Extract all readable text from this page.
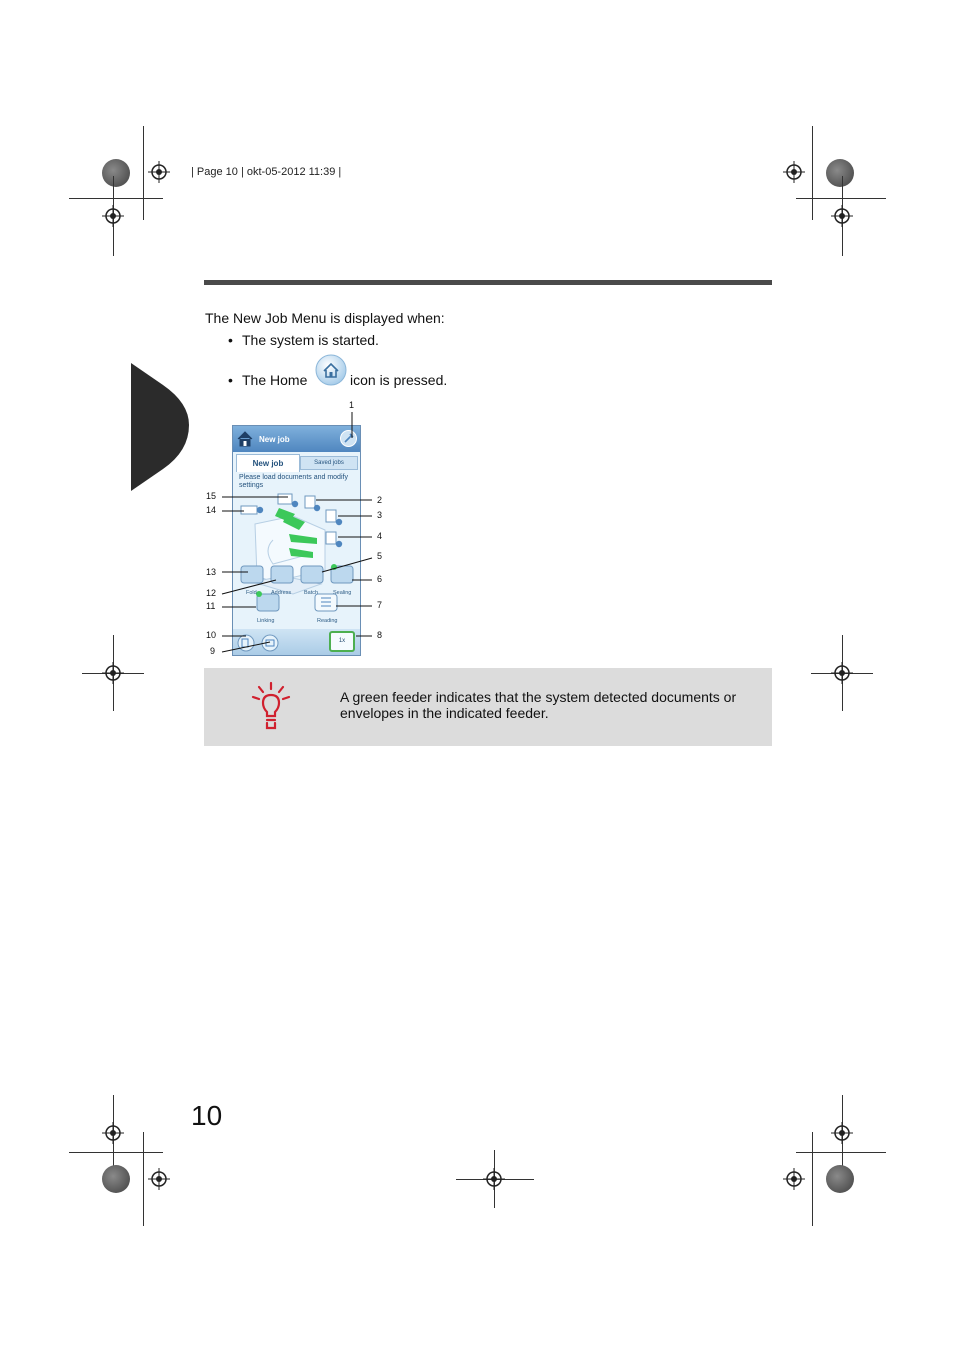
| Page 10 | okt-05-2012 11:39 |

The New Job Menu is displayed when:

• The system is started.
• The Home	icon is pressed.
New job
New job	Saved jobs
Please load documents and modify settings
Fold	Address Batch	Sealing
Linking	Reading
1x
1
2
3
4
5
6
7
8
9
10
11
12
13
14
15

A green feeder indicates that the system detected documents or envelopes in the indicated feeder.

10
